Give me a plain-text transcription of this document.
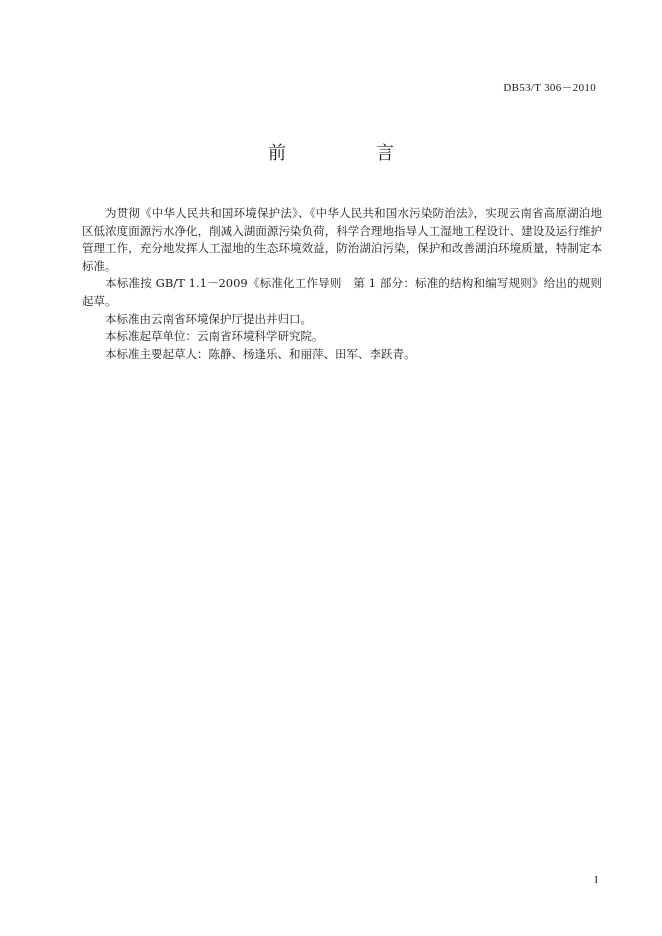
DB53/T 306－2010
前　言

为贯彻《中华人民共和国环境保护法》、《中华人民共和国水污染防治法》，实现云南省高原湖泊地区低浓度面源污水净化，削减入湖面源污染负荷，科学合理地指导人工湿地工程设计、建设及运行维护管理工作，充分地发挥人工湿地的生态环境效益，防治湖泊污染，保护和改善湖泊环境质量，特制定本标准。

本标准按 GB/T 1.1－2009《标准化工作导则　第 1 部分：标准的结构和编写规则》给出的规则起草。

本标准由云南省环境保护厅提出并归口。

本标准起草单位：云南省环境科学研究院。

本标准主要起草人：陈静、杨逢乐、和丽萍、田军、李跃青。

I
